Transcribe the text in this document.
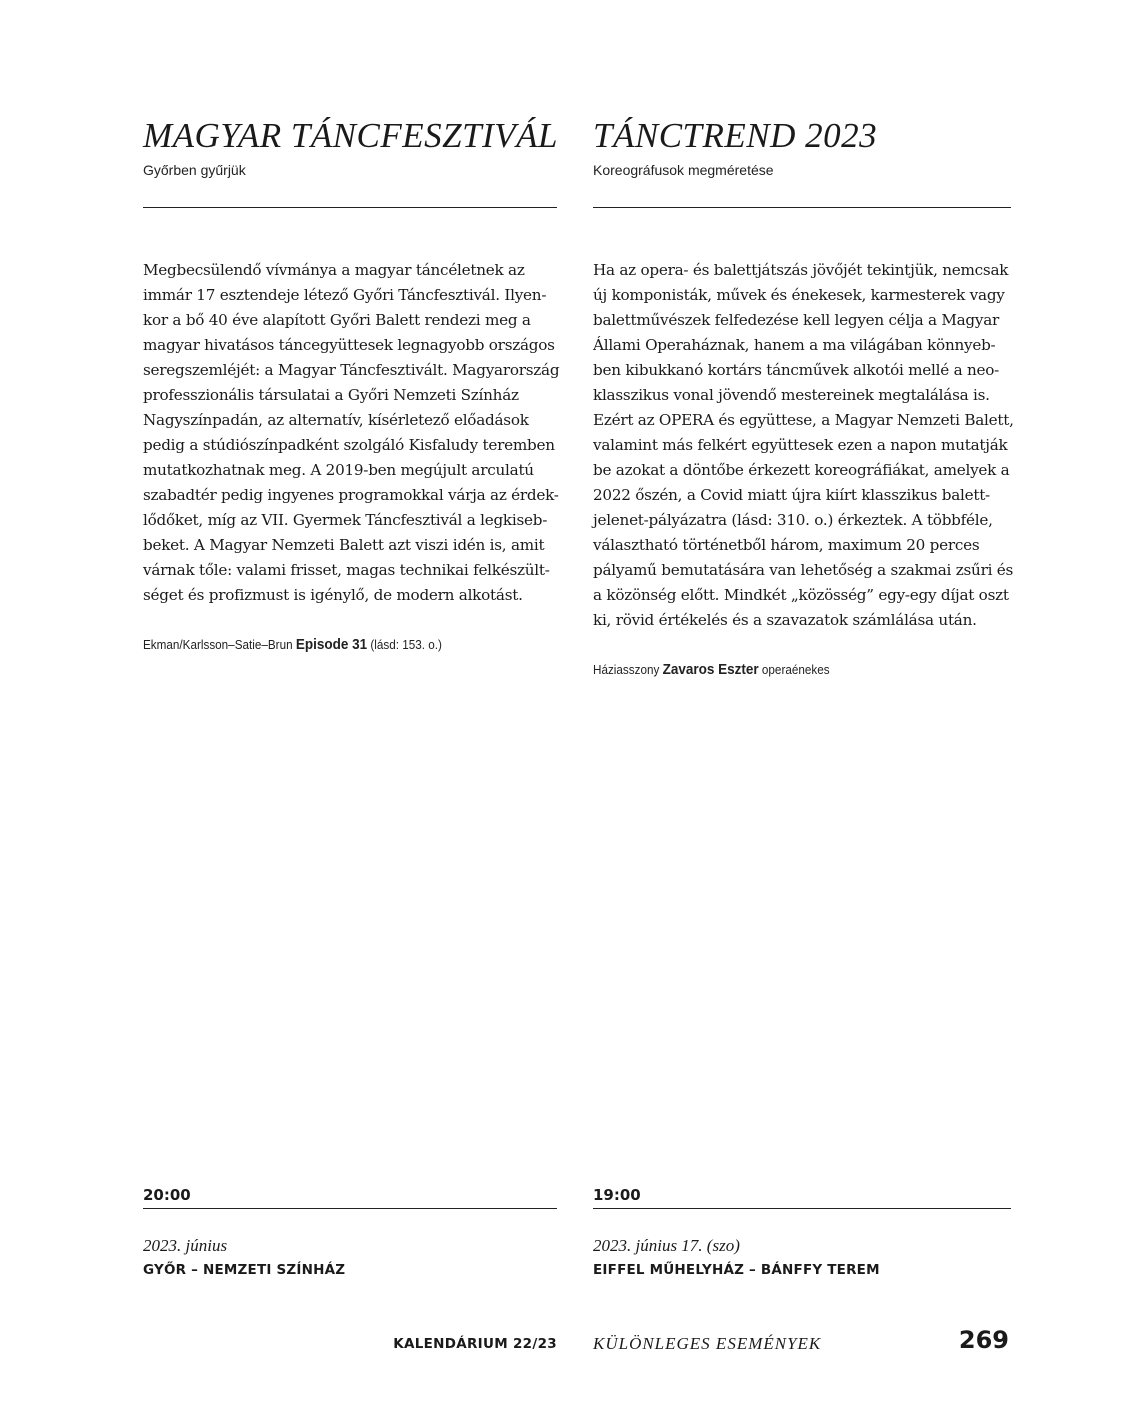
MAGYAR TÁNCFESZTIVÁL
Győrben gyűrjük
Megbecsülendő vívmánya a magyar táncéletnek az
immár 17 esztendeje létező Győri Táncfesztivál. Ilyen-
kor a bő 40 éve alapított Győri Balett rendezi meg a
magyar hivatásos táncegyüttesek legnagyobb országos
seregszemléjét: a Magyar Táncfesztivált. Magyarország
professzionális társulatai a Győri Nemzeti Színház
Nagyszínpadán, az alternatív, kísérletező előadások
pedig a stúdiószínpadként szolgáló Kisfaludy teremben
mutatkozhatnak meg. A 2019-ben megújult arculatú
szabadtér pedig ingyenes programokkal várja az érdek-
lődőket, míg az VII. Gyermek Táncfesztivál a legkiseb-
beket. A Magyar Nemzeti Balett azt viszi idén is, amit
várnak tőle: valami frisset, magas technikai felkészült-
séget és profizmust is igénylő, de modern alkotást.
Ekman/Karlsson–Satie–Brun Episode 31 (lásd: 153. o.)
20:00
2023. június
GYŐR – NEMZETI SZÍNHÁZ
TÁNCTREND 2023
Koreográfusok megméretése
Ha az opera- és balettjátszás jövőjét tekintjük, nemcsak
új komponisták, művek és énekesek, karmesterek vagy
balettművészek felfedezése kell legyen célja a Magyar
Állami Operaháznak, hanem a ma világában könnyeb-
ben kibukkanó kortárs táncművek alkotói mellé a neo-
klasszikus vonal jövendő mestereinek megtalálása is.
Ezért az OPERA és együttese, a Magyar Nemzeti Balett,
valamint más felkért együttesek ezen a napon mutatják
be azokat a döntőbe érkezett koreográfiákat, amelyek a
2022 őszén, a Covid miatt újra kiírt klasszikus balett-
jelenet-pályázatra (lásd: 310. o.) érkeztek. A többféle,
választható történetből három, maximum 20 perces
pályamű bemutatására van lehetőség a szakmai zsűri és
a közönség előtt. Mindkét „közösség” egy-egy díjat oszt
ki, rövid értékelés és a szavazatok számlálása után.
Háziasszony Zavaros Eszter operaénekes
19:00
2023. június 17. (szo)
EIFFEL MŰHELYHÁZ – BÁNFFY TEREM
KALENDÁRIUM 22/23 KÜLÖNLEGES ESEMÉNYEK	269
